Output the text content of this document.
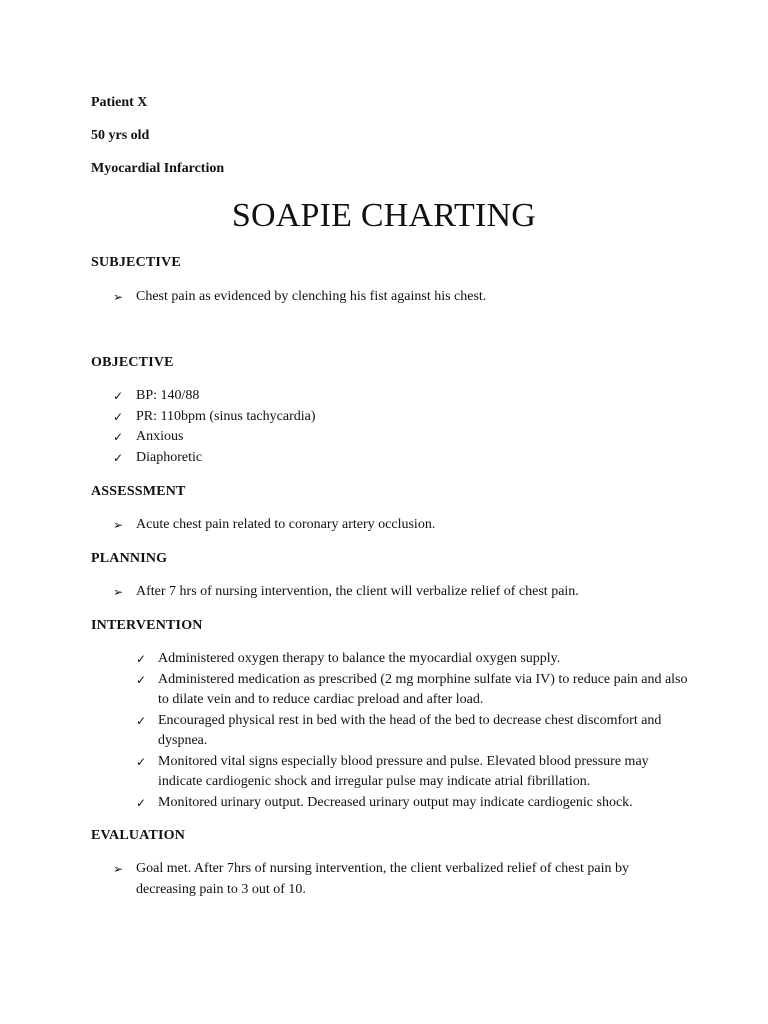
Patient X

50 yrs old

Myocardial Infarction

SOAPIE CHARTING

SUBJECTIVE

➢ Chest pain as evidenced by clenching his fist against his chest.

OBJECTIVE

✓ BP: 140/88
✓ PR: 110bpm (sinus tachycardia)
✓ Anxious
✓ Diaphoretic

ASSESSMENT

➢ Acute chest pain related to coronary artery occlusion.

PLANNING

➢ After 7 hrs of nursing intervention, the client will verbalize relief of chest pain.

INTERVENTION

✓ Administered oxygen therapy to balance the myocardial oxygen supply.
✓ Administered medication as prescribed (2 mg morphine sulfate via IV) to reduce pain and also to dilate vein and to reduce cardiac preload and after load.
✓ Encouraged physical rest in bed with the head of the bed to decrease chest discomfort and dyspnea.
✓ Monitored vital signs especially blood pressure and pulse. Elevated blood pressure may indicate cardiogenic shock and irregular pulse may indicate atrial fibrillation.
✓ Monitored urinary output. Decreased urinary output may indicate cardiogenic shock.

EVALUATION

➢ Goal met. After 7hrs of nursing intervention, the client verbalized relief of chest pain by decreasing pain to 3 out of 10.
